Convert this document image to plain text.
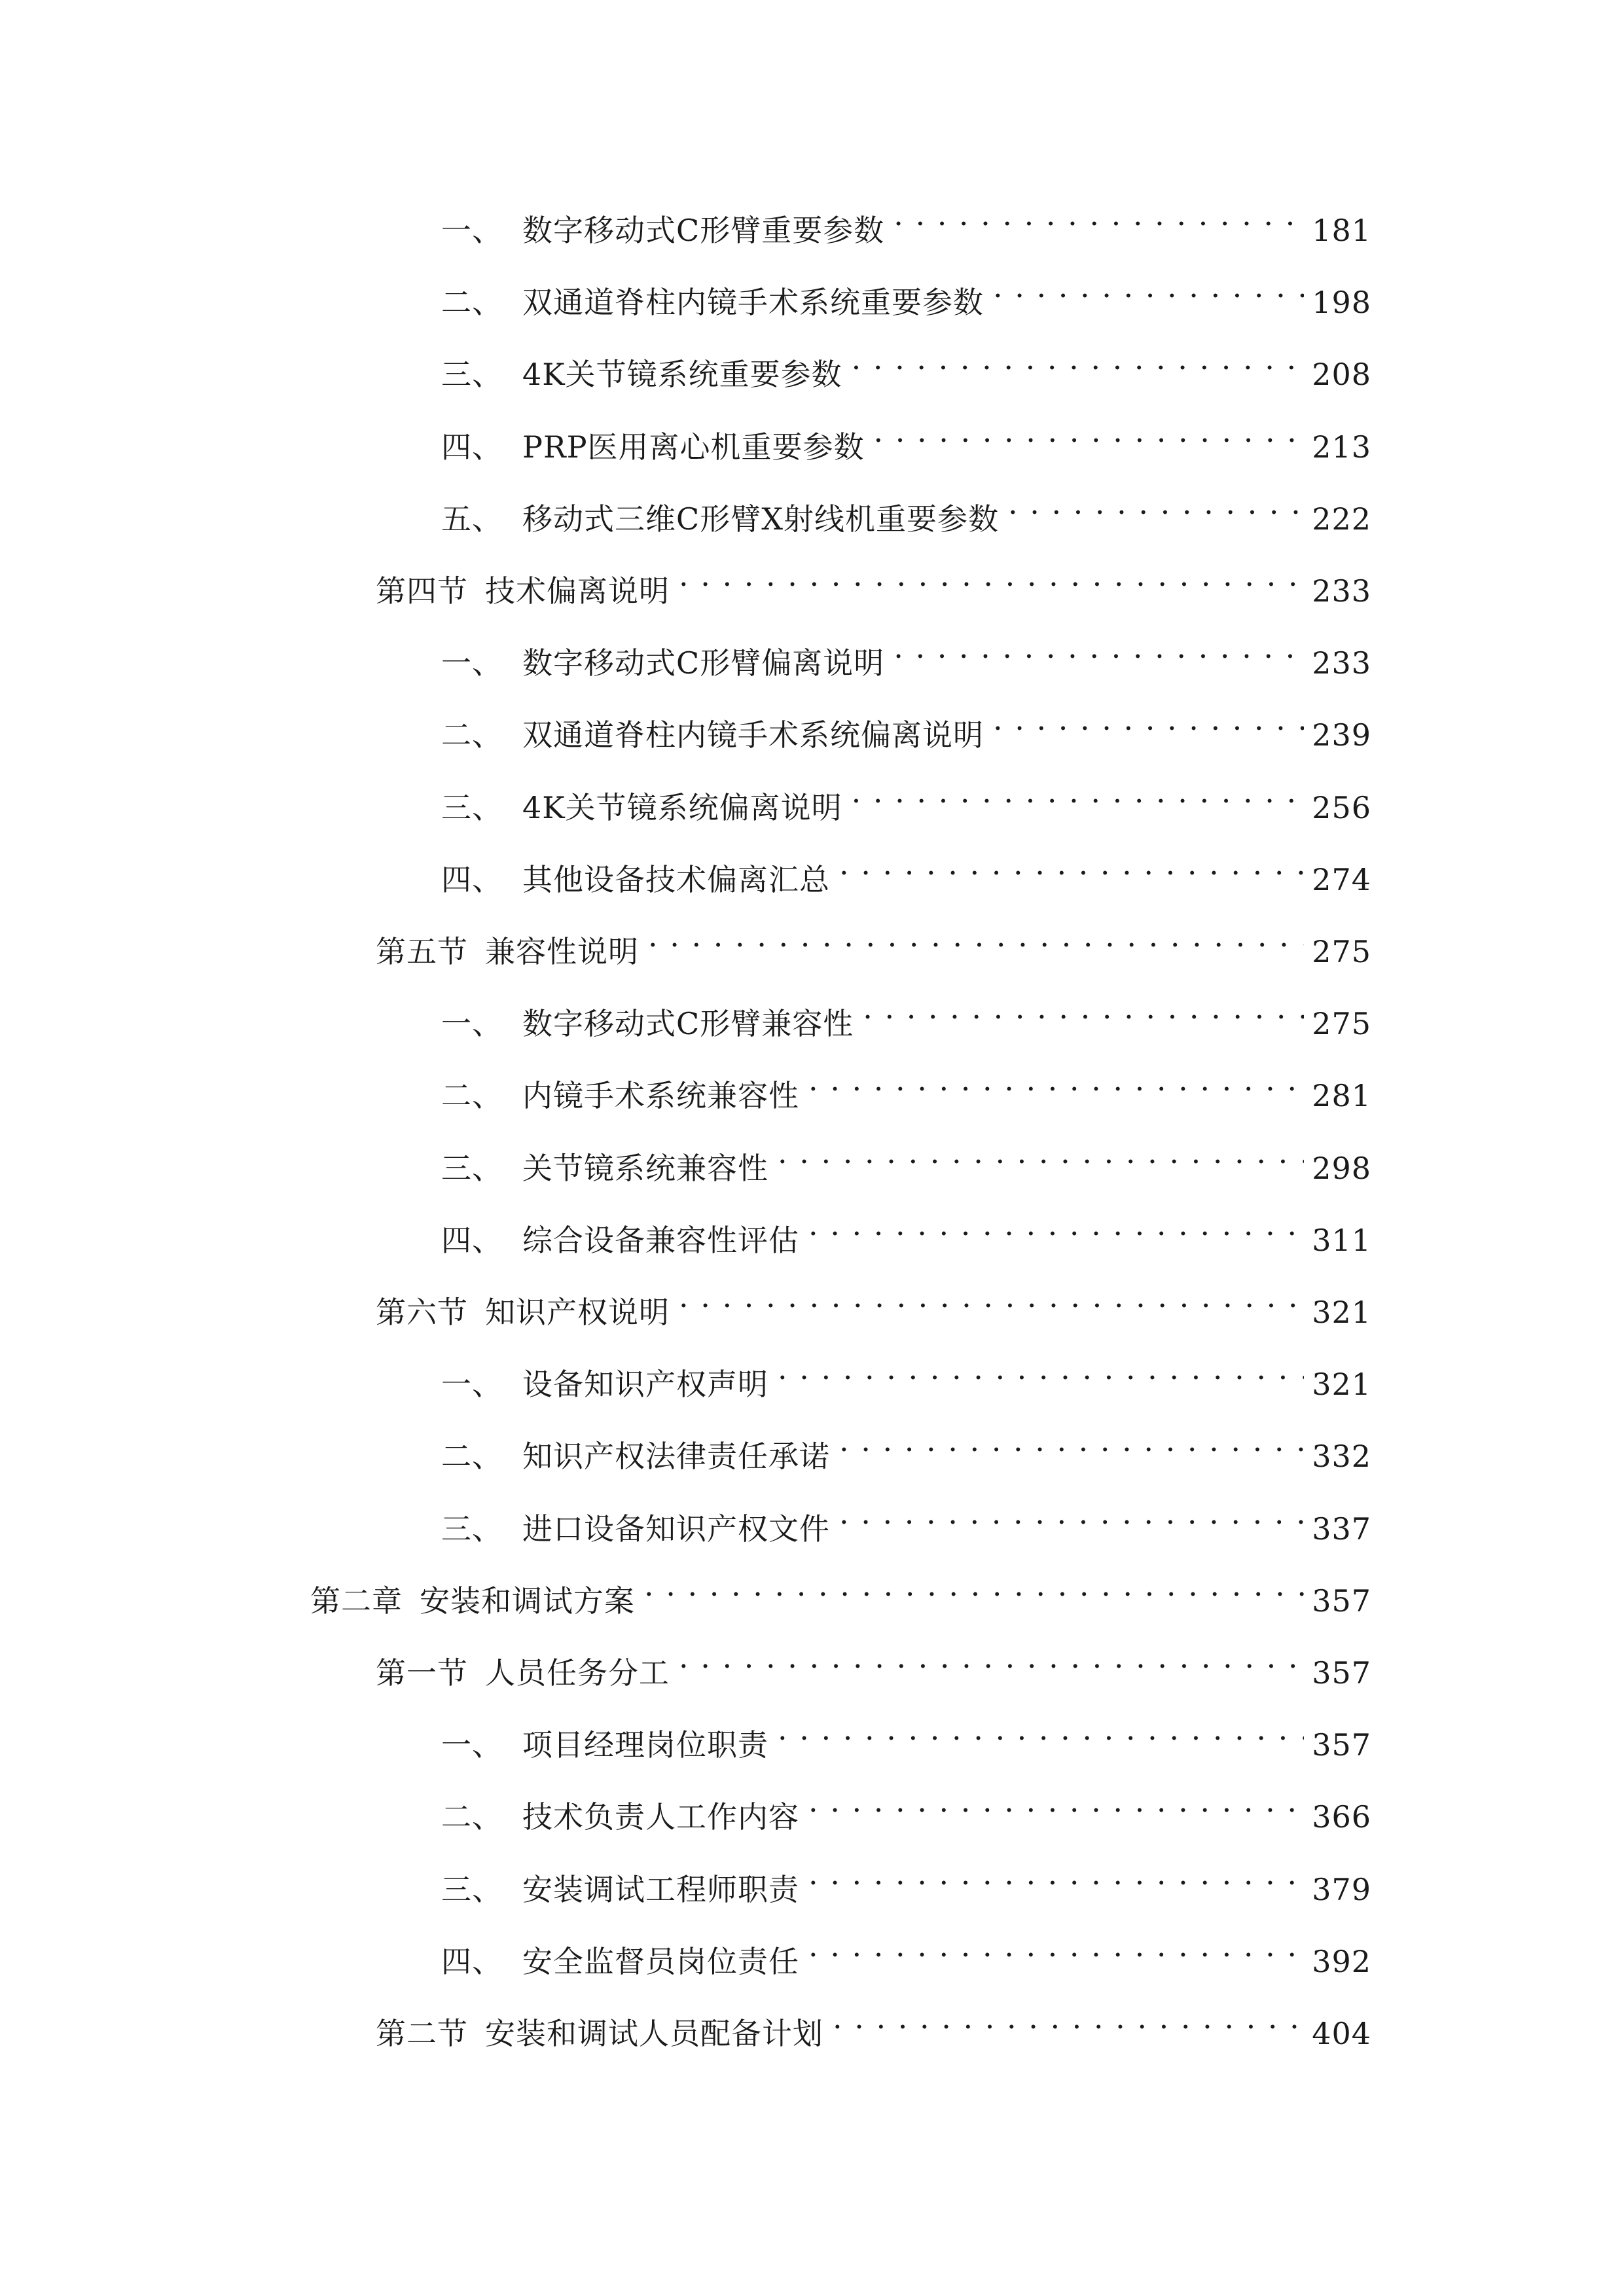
一、 数字移动式C形臂重要参数 . . .	181
二、 双通道脊柱内镜手术系统重要参数 . . .	198
三、 4K关节镜系统重要参数 . . .	208
四、 PRP医用离心机重要参数 . . .	213
五、 移动式三维C形臂X射线机重要参数 . . .	222
第四节 技术偏离说明 . . .	233
一、 数字移动式C形臂偏离说明 . . .	233
二、 双通道脊柱内镜手术系统偏离说明 . . .	239
三、 4K关节镜系统偏离说明 . . .	256
四、 其他设备技术偏离汇总 . . .	274
第五节 兼容性说明 . . .	275
一、 数字移动式C形臂兼容性 . . .	275
二、 内镜手术系统兼容性 . . .	281
三、 关节镜系统兼容性 . . .	298
四、 综合设备兼容性评估 . . .	311
第六节 知识产权说明 . . .	321
一、 设备知识产权声明 . . .	321
二、 知识产权法律责任承诺 . . .	332
三、 进口设备知识产权文件 . . .	337
第二章 安装和调试方案 . . .	357
第一节 人员任务分工 . . .	357
一、 项目经理岗位职责 . . .	357
二、 技术负责人工作内容 . . .	366
三、 安装调试工程师职责 . . .	379
四、 安全监督员岗位责任 . . .	392
第二节 安装和调试人员配备计划 . . .	404
